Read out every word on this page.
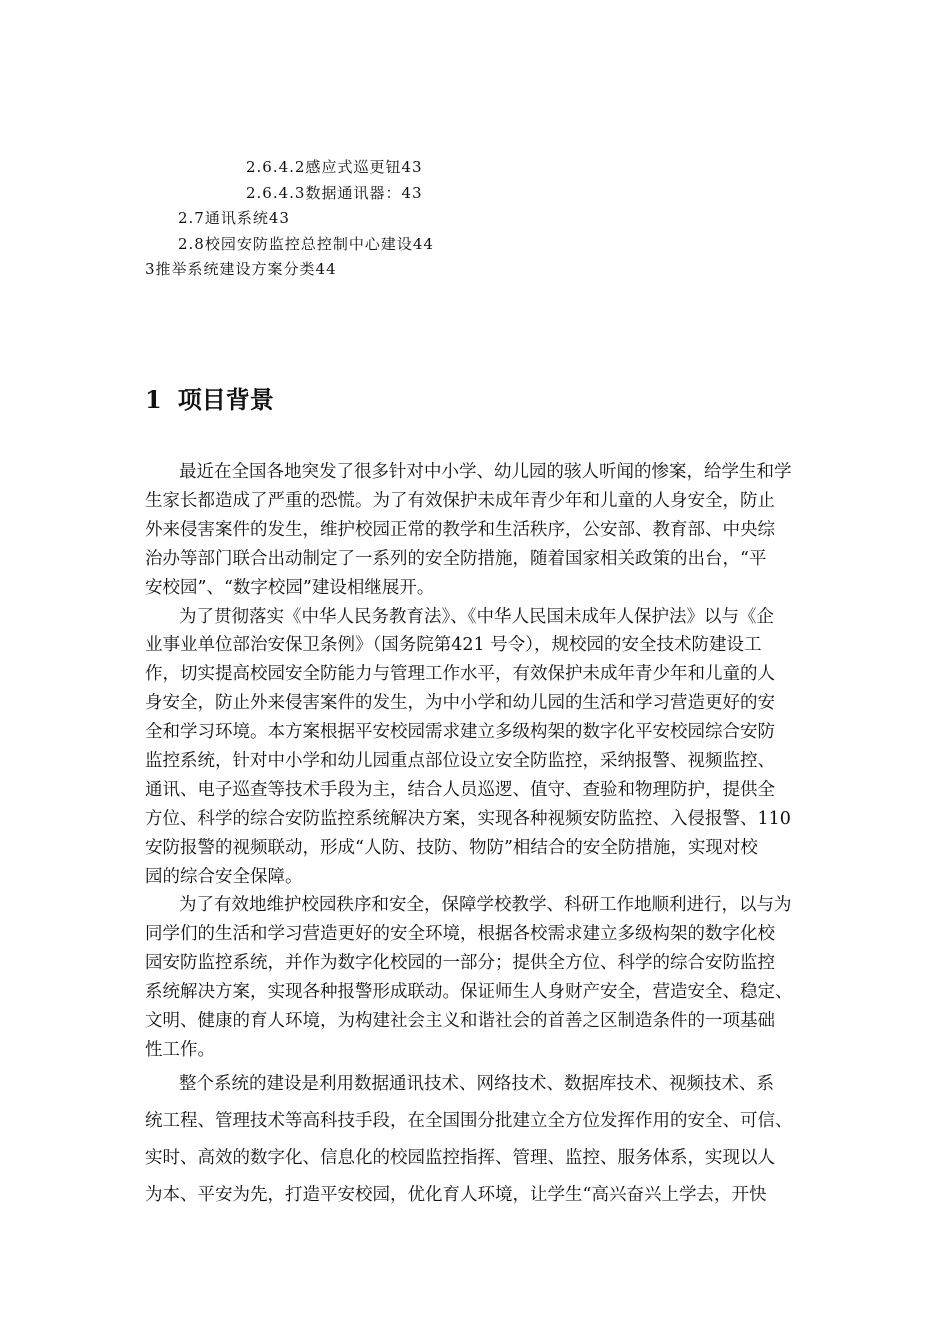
2.6.4.2感应式巡更钮43
2.6.4.3数据通讯器：43
2.7通讯系统43
2.8校园安防监控总控制中心建设44
3推举系统建设方案分类44
1 项目背景
最近在全国各地突发了很多针对中小学、幼儿园的骇人听闻的惨案，给学生和学
生家长都造成了严重的恐慌。为了有效保护未成年青少年和儿童的人身安全，防止
外来侵害案件的发生，维护校园正常的教学和生活秩序，公安部、教育部、中央综
治办等部门联合出动制定了一系列的安全防措施，随着国家相关政策的出台，“平
安校园”、“数字校园”建设相继展开。
为了贯彻落实《中华人民务教育法》、《中华人民国未成年人保护法》以与《企
业事业单位部治安保卫条例》（国务院第421 号令），规校园的安全技术防建设工
作，切实提高校园安全防能力与管理工作水平，有效保护未成年青少年和儿童的人
身安全，防止外来侵害案件的发生，为中小学和幼儿园的生活和学习营造更好的安
全和学习环境。本方案根据平安校园需求建立多级构架的数字化平安校园综合安防
监控系统，针对中小学和幼儿园重点部位设立安全防监控，采纳报警、视频监控、
通讯、电子巡查等技术手段为主，结合人员巡逻、值守、查验和物理防护，提供全
方位、科学的综合安防监控系统解决方案，实现各种视频安防监控、入侵报警、110
安防报警的视频联动，形成“人防、技防、物防”相结合的安全防措施，实现对校
园的综合安全保障。
为了有效地维护校园秩序和安全，保障学校教学、科研工作地顺利进行，以与为
同学们的生活和学习营造更好的安全环境，根据各校需求建立多级构架的数字化校
园安防监控系统，并作为数字化校园的一部分；提供全方位、科学的综合安防监控
系统解决方案，实现各种报警形成联动。保证师生人身财产安全，营造安全、稳定、
文明、健康的育人环境，为构建社会主义和谐社会的首善之区制造条件的一项基础
性工作。
整个系统的建设是利用数据通讯技术、网络技术、数据库技术、视频技术、系
统工程、管理技术等高科技手段，在全国围分批建立全方位发挥作用的安全、可信、
实时、高效的数字化、信息化的校园监控指挥、管理、监控、服务体系，实现以人
为本、平安为先，打造平安校园，优化育人环境，让学生“高兴奋兴上学去，开快
